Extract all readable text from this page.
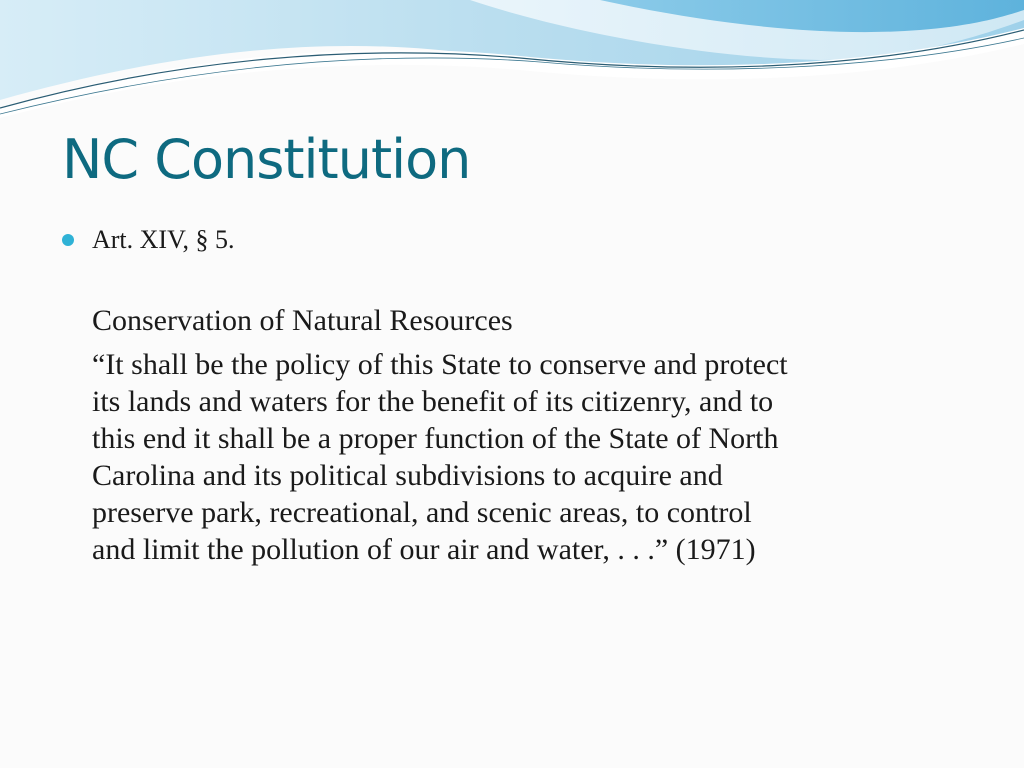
NC Constitution
Art. XIV, § 5.

Conservation of Natural Resources

“It shall be the policy of this State to conserve and protect

its lands and waters for the benefit of its citizenry, and to

this end it shall be a proper function of the State of North

Carolina and its political subdivisions to acquire and

preserve park, recreational, and scenic areas, to control

and limit the pollution of our air and water, . . .” (1971)
